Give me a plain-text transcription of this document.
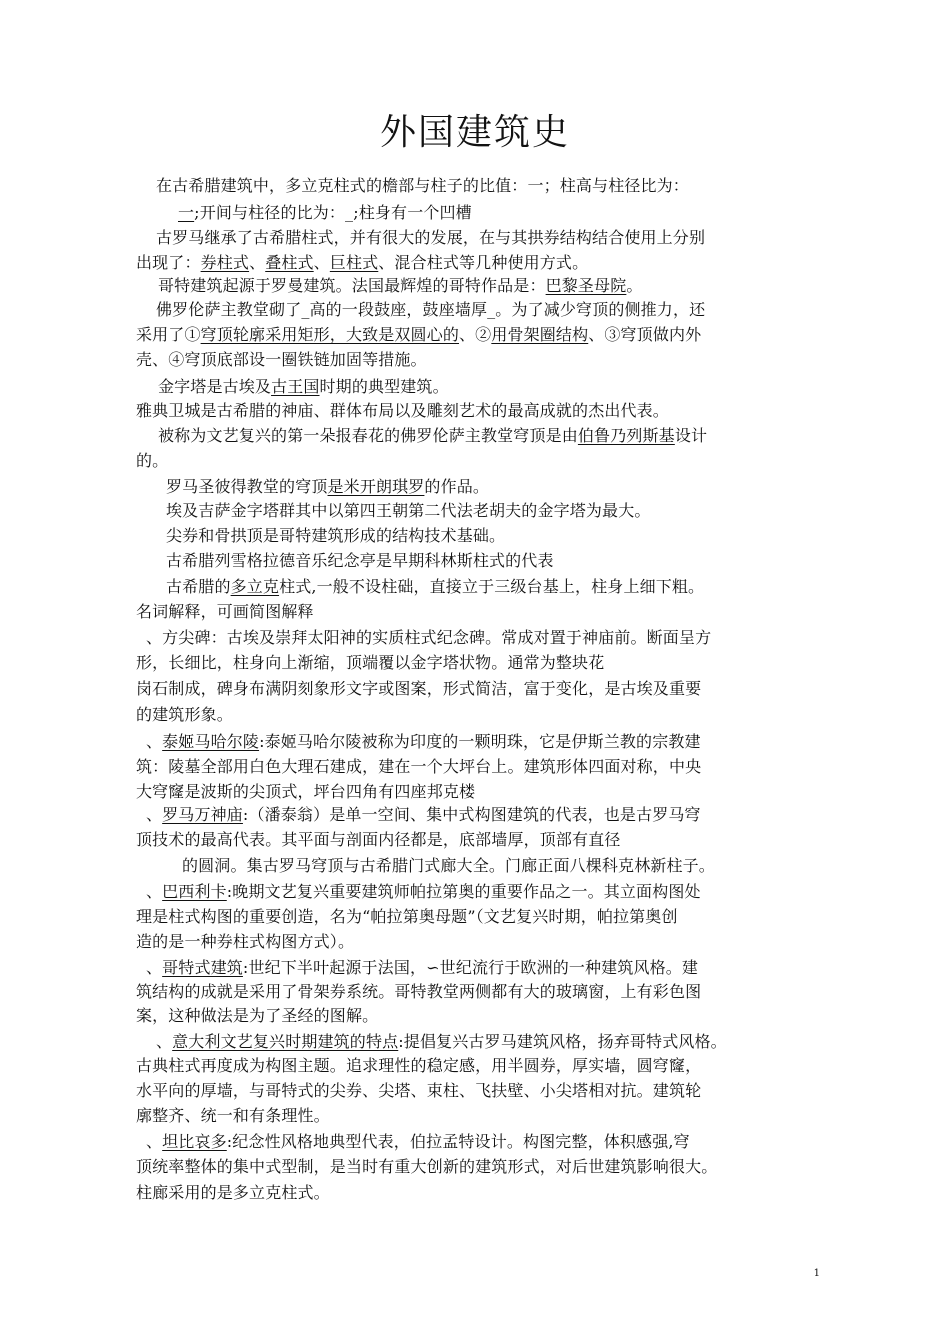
外国建筑史
在古希腊建筑中，多立克柱式的檐部与柱子的比值：一；柱高与柱径比为：
一;开间与柱径的比为：_;柱身有一个凹槽
古罗马继承了古希腊柱式，并有很大的发展，在与其拱券结构结合使用上分别
出现了：券柱式、叠柱式、巨柱式、混合柱式等几种使用方式。
哥特建筑起源于罗曼建筑。法国最辉煌的哥特作品是：巴黎圣母院。
佛罗伦萨主教堂砌了_高的一段鼓座，鼓座墙厚_。为了减少穹顶的侧推力，还
采用了①穹顶轮廓采用矩形，大致是双圆心的、②用骨架圈结构、③穹顶做内外
壳、④穹顶底部设一圈铁链加固等措施。
金字塔是古埃及古王国时期的典型建筑。
雅典卫城是古希腊的神庙、群体布局以及雕刻艺术的最高成就的杰出代表。
被称为文艺复兴的第一朵报春花的佛罗伦萨主教堂穹顶是由伯鲁乃列斯基设计
的。
罗马圣彼得教堂的穹顶是米开朗琪罗的作品。
埃及吉萨金字塔群其中以第四王朝第二代法老胡夫的金字塔为最大。
尖券和骨拱顶是哥特建筑形成的结构技术基础。
古希腊列雪格拉德音乐纪念亭是早期科林斯柱式的代表
古希腊的多立克柱式,一般不设柱础，直接立于三级台基上，柱身上细下粗。
名词解释，可画简图解释
、方尖碑：古埃及崇拜太阳神的实质柱式纪念碑。常成对置于神庙前。断面呈方
形，长细比，柱身向上渐缩，顶端覆以金字塔状物。通常为整块花
岗石制成，碑身布满阴刻象形文字或图案，形式简洁，富于变化，是古埃及重要
的建筑形象。
、泰姬马哈尔陵:泰姬马哈尔陵被称为印度的一颗明珠，它是伊斯兰教的宗教建
筑：陵墓全部用白色大理石建成，建在一个大坪台上。建筑形体四面对称，中央
大穹窿是波斯的尖顶式，坪台四角有四座邦克楼
、罗马万神庙:（潘泰翁）是单一空间、集中式构图建筑的代表，也是古罗马穹
顶技术的最高代表。其平面与剖面内径都是，底部墙厚，顶部有直径
的圆洞。集古罗马穹顶与古希腊门式廊大全。门廊正面八棵科克林新柱子。
、巴西利卡:晚期文艺复兴重要建筑师帕拉第奥的重要作品之一。其立面构图处
理是柱式构图的重要创造，名为“帕拉第奥母题”（文艺复兴时期，帕拉第奥创
造的是一种券柱式构图方式）。
、哥特式建筑:世纪下半叶起源于法国，∽世纪流行于欧洲的一种建筑风格。建
筑结构的成就是采用了骨架券系统。哥特教堂两侧都有大的玻璃窗，上有彩色图
案，这种做法是为了圣经的图解。
、意大利文艺复兴时期建筑的特点:提倡复兴古罗马建筑风格，扬弃哥特式风格。
古典柱式再度成为构图主题。追求理性的稳定感，用半圆券，厚实墙，圆穹窿，
水平向的厚墙，与哥特式的尖券、尖塔、束柱、飞扶壁、小尖塔相对抗。建筑轮
廓整齐、统一和有条理性。
、坦比哀多:纪念性风格地典型代表，伯拉孟特设计。构图完整，体积感强,穹
顶统率整体的集中式型制，是当时有重大创新的建筑形式，对后世建筑影响很大。
柱廊采用的是多立克柱式。
1
